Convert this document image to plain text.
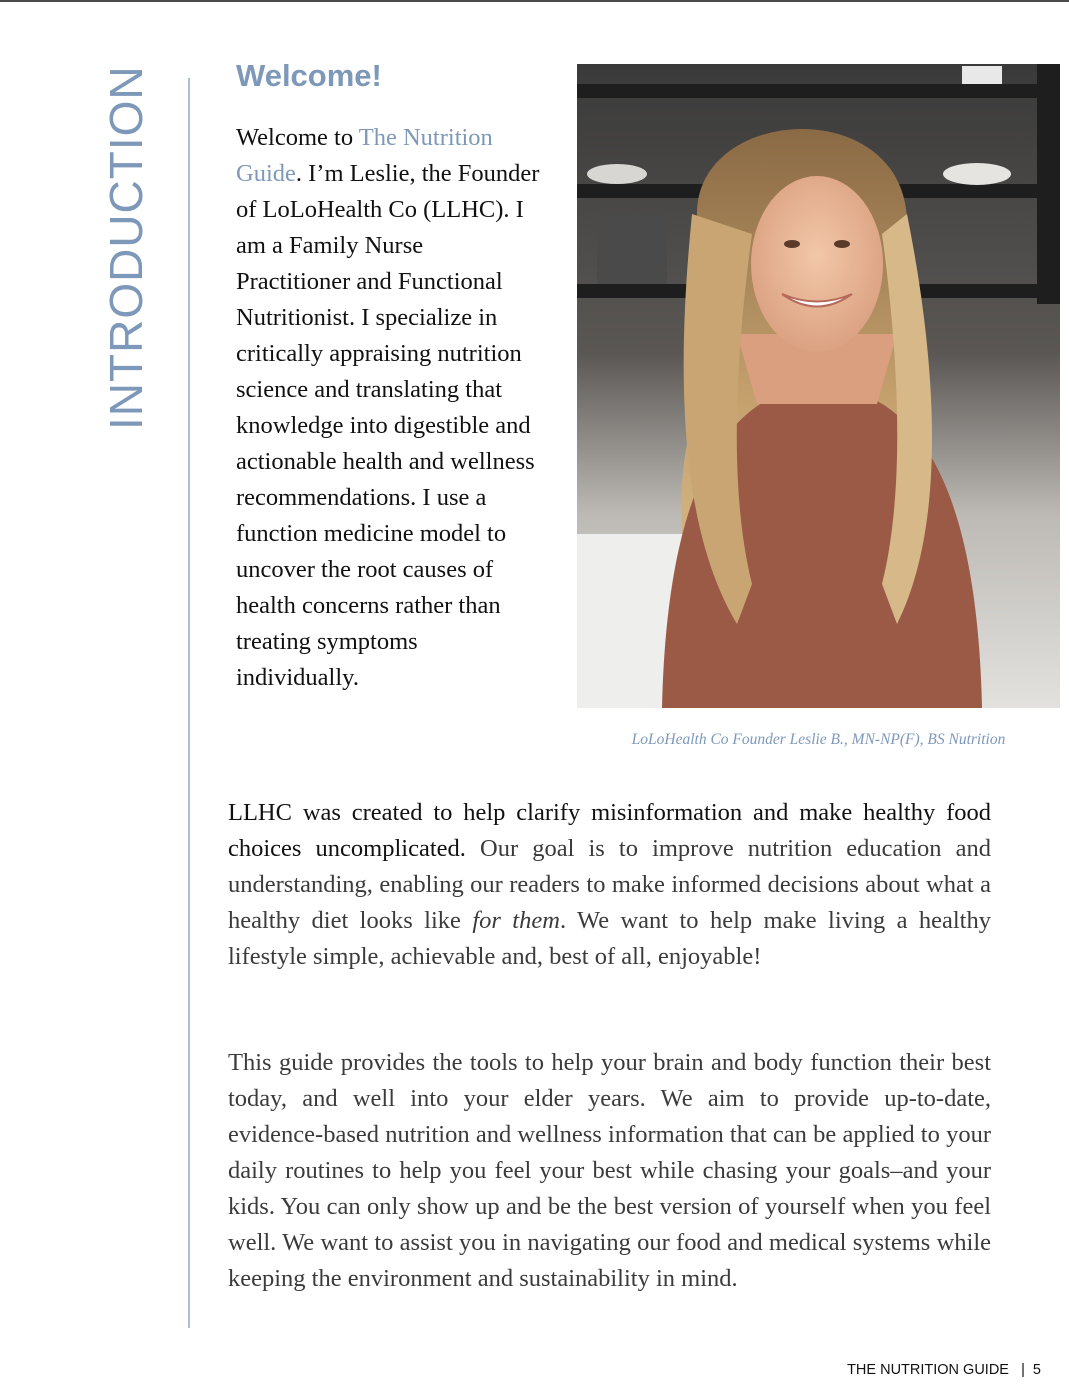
INTRODUCTION	Welcome!

Welcome to The Nutrition Guide. I’m Leslie, the Founder of LoLoHealth Co (LLHC). I am a Family Nurse Practitioner and Functional Nutritionist. I specialize in critically appraising nutrition science and translating that knowledge into digestible and actionable health and wellness recommendations. I use a function medicine model to uncover the root causes of health concerns rather than treating symptoms individually.

LoLoHealth Co Founder Leslie B., MN-NP(F), BS Nutrition

LLHC was created to help clarify misinformation and make healthy food choices uncomplicated. Our goal is to improve nutrition education and understanding, enabling our readers to make informed decisions about what a healthy diet looks like for them. We want to help make living a healthy lifestyle simple, achievable and, best of all, enjoyable!

This guide provides the tools to help your brain and body function their best today, and well into your elder years. We aim to provide up-to-date, evidence-based nutrition and wellness information that can be applied to your daily routines to help you feel your best while chasing your goals–and your kids. You can only show up and be the best version of yourself when you feel well. We want to assist you in navigating our food and medical systems while keeping the environment and sustainability in mind.

THE NUTRITION GUIDE | 5
